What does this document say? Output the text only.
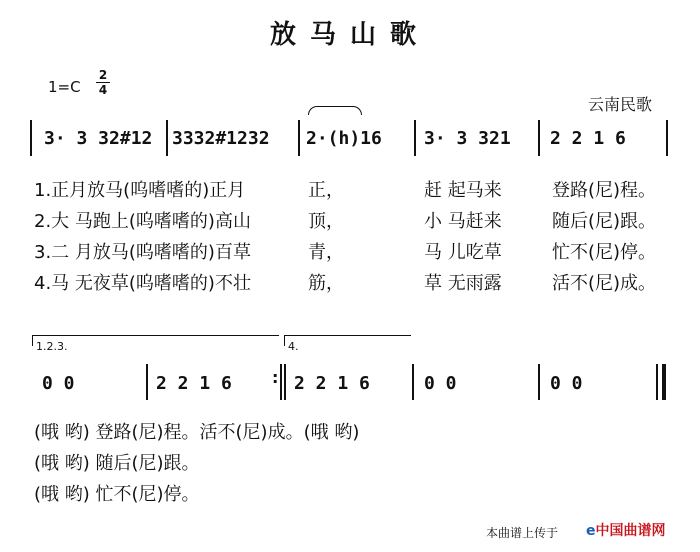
放马山歌
1=C
2
4
云南民歌
3· 3 32#12 3332#1232 2·(h)16 3· 3 321 2 2 1 6
1.正月放马(呜嗜嗜的)正月	正，	赶 起马来	登路(尼)程。
2.大 马跑上(呜嗜嗜的)高山	顶，	小 马赶来	随后(尼)跟。
3.二 月放马(呜嗜嗜的)百草	青，	马 儿吃草	忙不(尼)停。
4.马 无夜草(呜嗜嗜的)不壮	筋，	草 无雨露	活不(尼)成。
1.2.3.	4.
0 0	2 2 1 6	: 2 2 1 6	0 0	0 0
(哦 哟) 登路(尼)程。活不(尼)成。(哦 哟)
(哦 哟) 随后(尼)跟。
(哦 哟) 忙不(尼)停。
本曲谱上传于 e中国曲谱网
